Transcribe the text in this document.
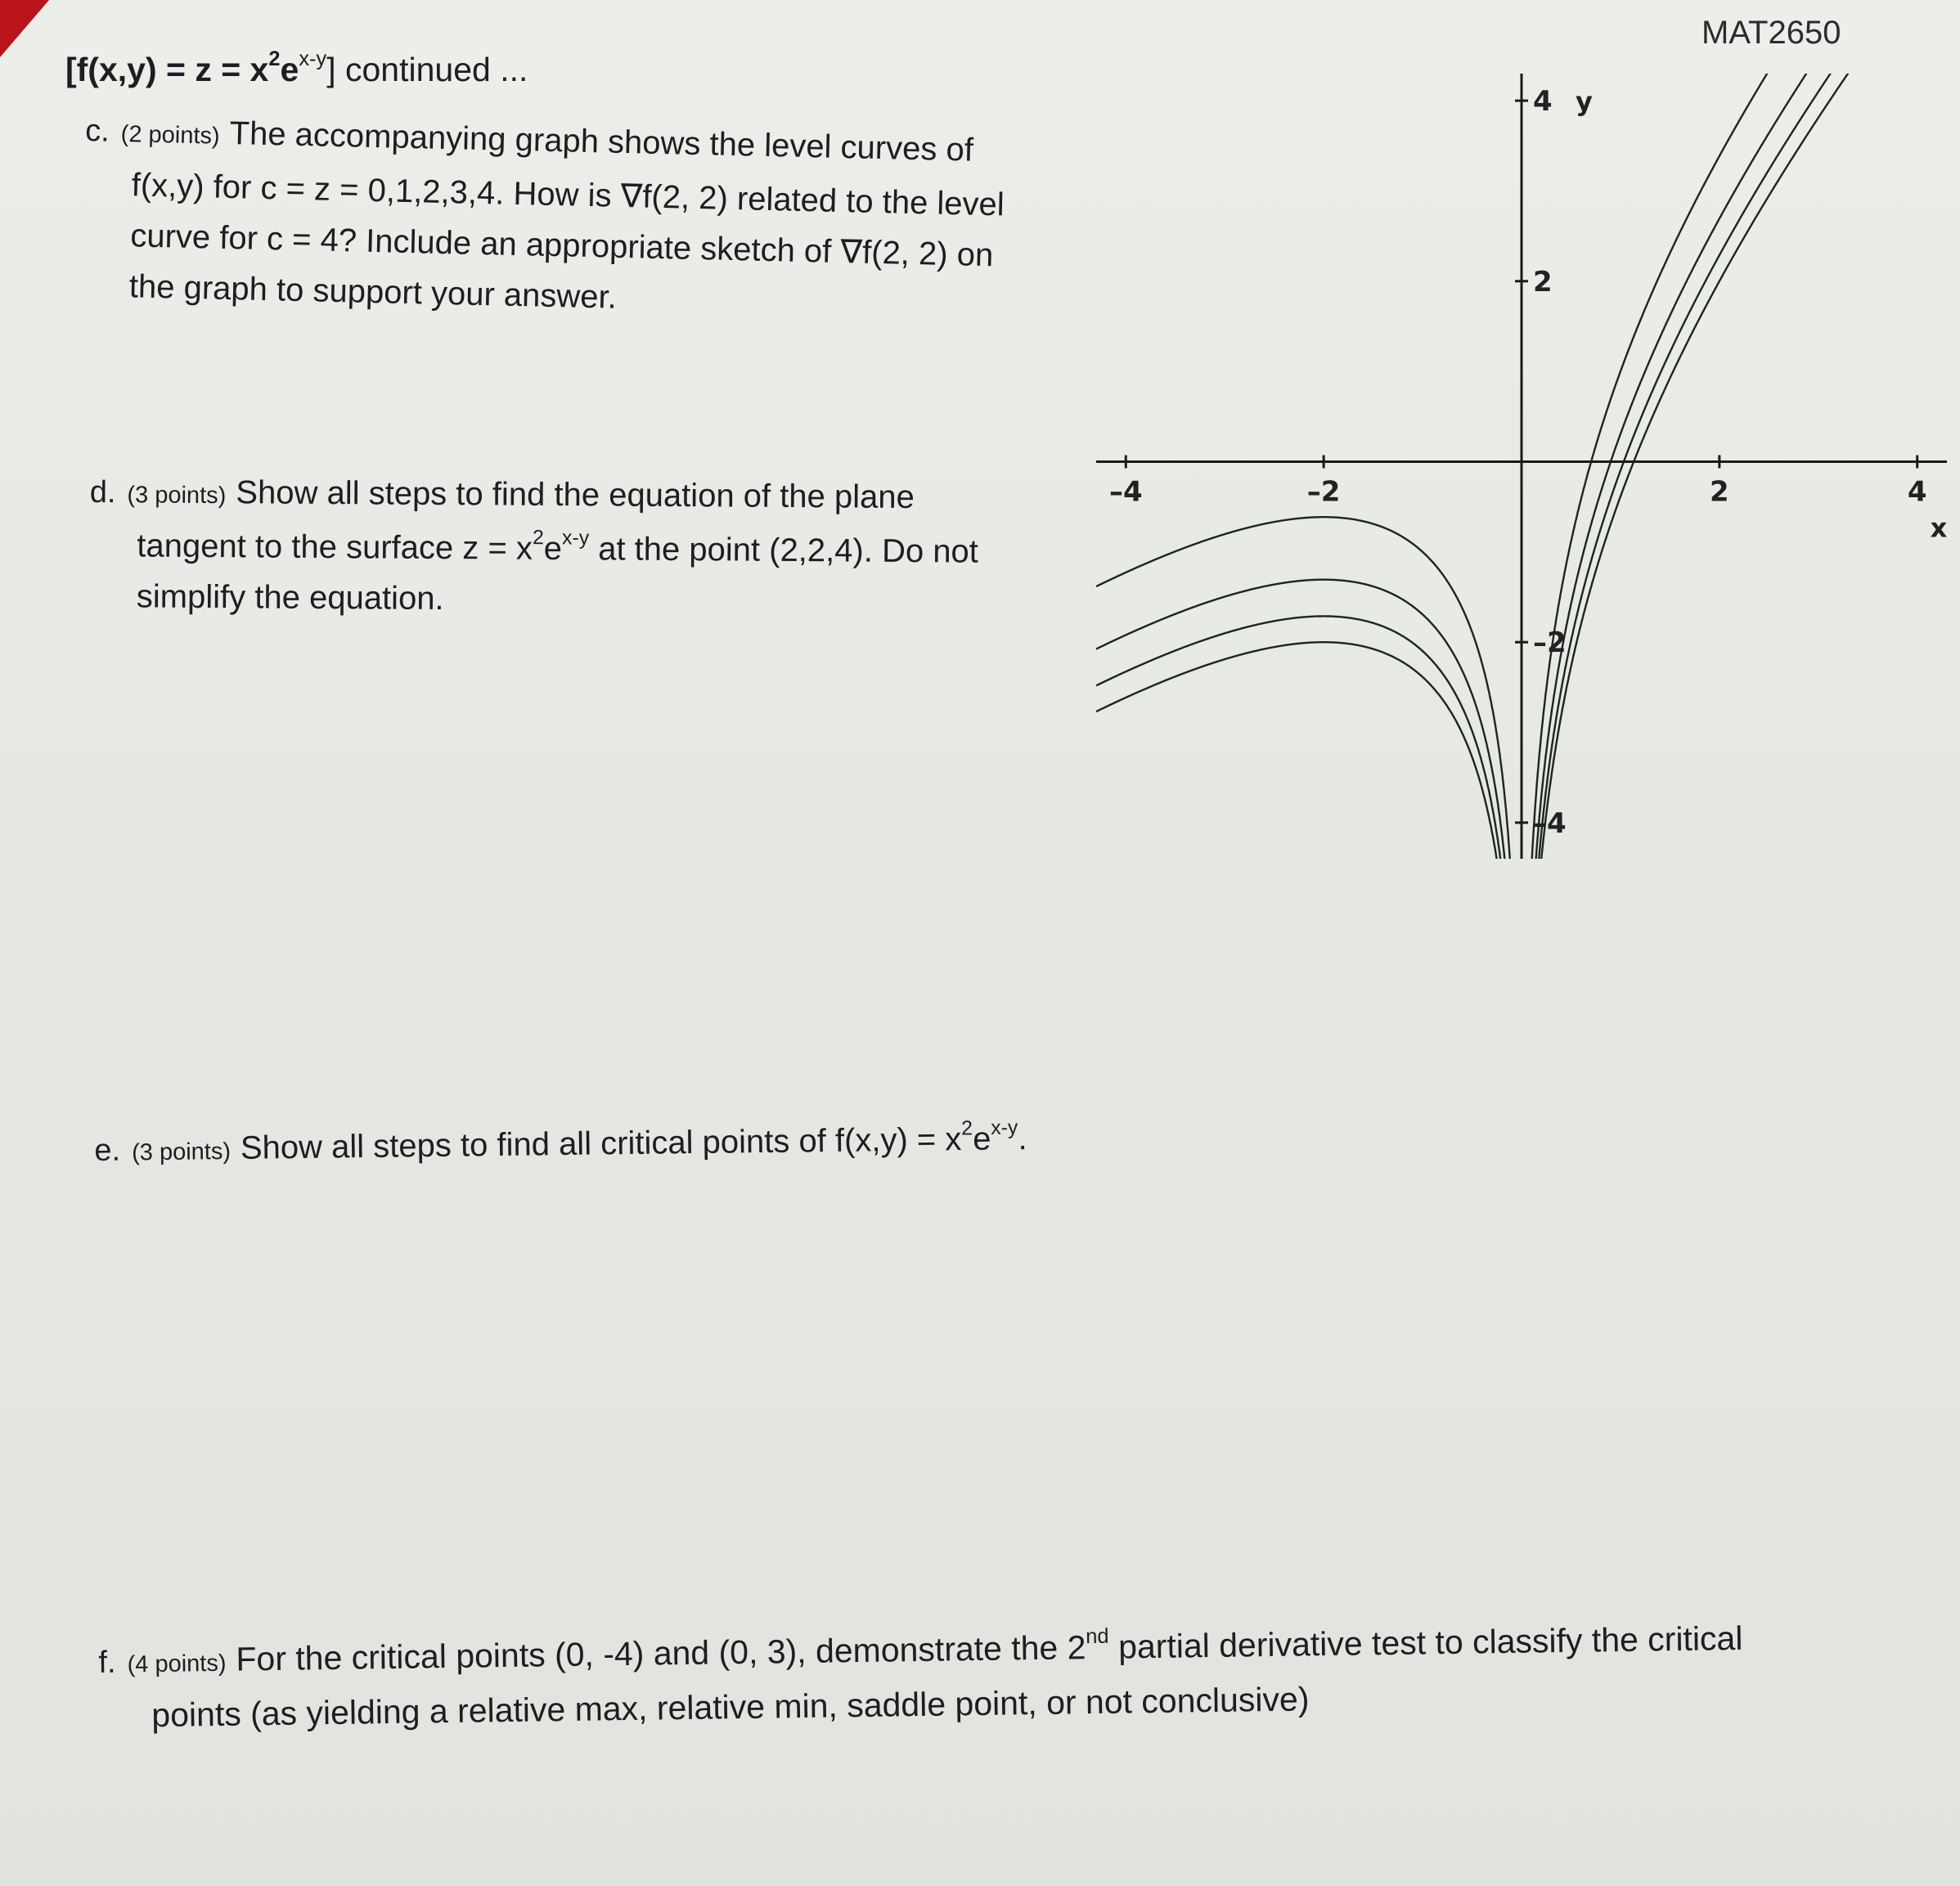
MAT2650
$[f(x,y) = z = x^2e^{x-y}]$ continued ...
c. (2 points) The accompanying graph shows the level curves of
f(x,y) for c = z = 0,1,2,3,4. How is ∇f(2, 2) related to the level
curve for c = 4? Include an appropriate sketch of ∇f(2, 2) on
the graph to support your answer.
d. (3 points) Show all steps to find the equation of the plane
tangent to the surface $z = x^2e^{x-y}$ at the point (2,2,4). Do not
simplify the equation.
e. (3 points) Show all steps to find all critical points of $f(x,y) = x^2e^{x-y}$.
f. (4 points) For the critical points (0, -4) and (0, 3), demonstrate the 2nd partial derivative test to classify the critical
points (as yielding a relative max, relative min, saddle point, or not conclusive)
–4	–2	2	4
4
2
–2
–4
x
y
